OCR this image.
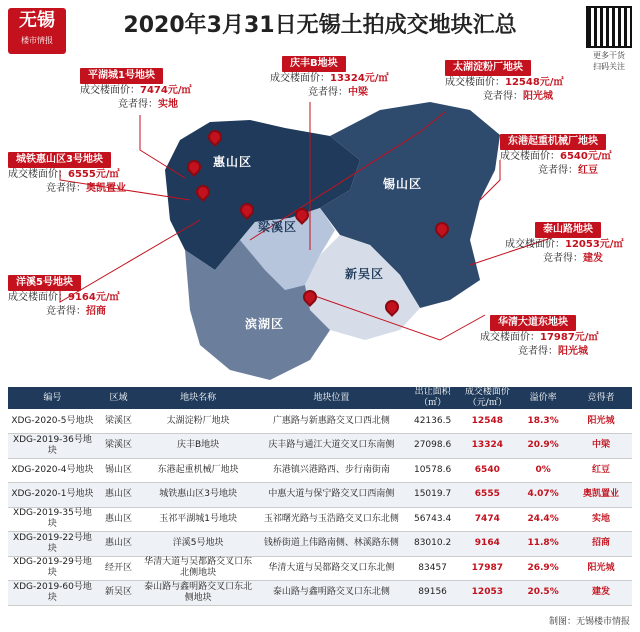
无锡
楼市情报
2020年3月31日无锡土拍成交地块汇总
更多干货
扫码关注
惠山区
锡山区
梁溪区
新吴区
滨湖区
平湖城1号地块
成交楼面价：7474元/㎡
竞者得：实地
庆丰B地块
成交楼面价：13324元/㎡
竞者得：中梁
太湖淀粉厂地块
成交楼面价：12548元/㎡
竞者得：阳光城
城铁惠山区3号地块
成交楼面价：6555元/㎡
竞者得：奥凯置业
东港起重机械厂地块
成交楼面价：6540元/㎡
竞者得：红豆
泰山路地块
成交楼面价：12053元/㎡
竞者得：建发
洋溪5号地块
成交楼面价：9164元/㎡
竞者得：招商
华清大道东地块
成交楼面价：17987元/㎡
竞者得：阳光城
编号	区域	地块名称	地块位置	出让面积（㎡）	成交楼面价（元/㎡）	溢价率	竞得者
XDG-2020-5号地块	梁溪区	太湖淀粉厂地块	广惠路与新惠路交叉口西北侧	42136.5	12548	18.3%	阳光城
XDG-2019-36号地块	梁溪区	庆丰B地块	庆丰路与通江大道交叉口东南侧	27098.6	13324	20.9%	中梁
XDG-2020-4号地块	锡山区	东港起重机械厂地块	东港镇兴港路西、步行南街南	10578.6	6540	0%	红豆
XDG-2020-1号地块	惠山区	城铁惠山区3号地块	中惠大道与保宁路交叉口西南侧	15019.7	6555	4.07%	奥凯置业
XDG-2019-35号地块	惠山区	玉祁平湖城1号地块	玉祁曙光路与玉浩路交叉口东北侧	56743.4	7474	24.4%	实地
XDG-2019-22号地块	惠山区	洋溪5号地块	钱桥街道上伟路南侧、林溪路东侧	83010.2	9164	11.8%	招商
XDG-2019-29号地块	经开区	华清大道与吴都路交叉口东北侧地块	华清大道与吴都路交叉口东北侧	83457	17987	26.9%	阳光城
XDG-2019-60号地块	新吴区	泰山路与鑫明路交叉口东北侧地块	泰山路与鑫明路交叉口东北侧	89156	12053	20.5%	建发
制图：无锡楼市情报
